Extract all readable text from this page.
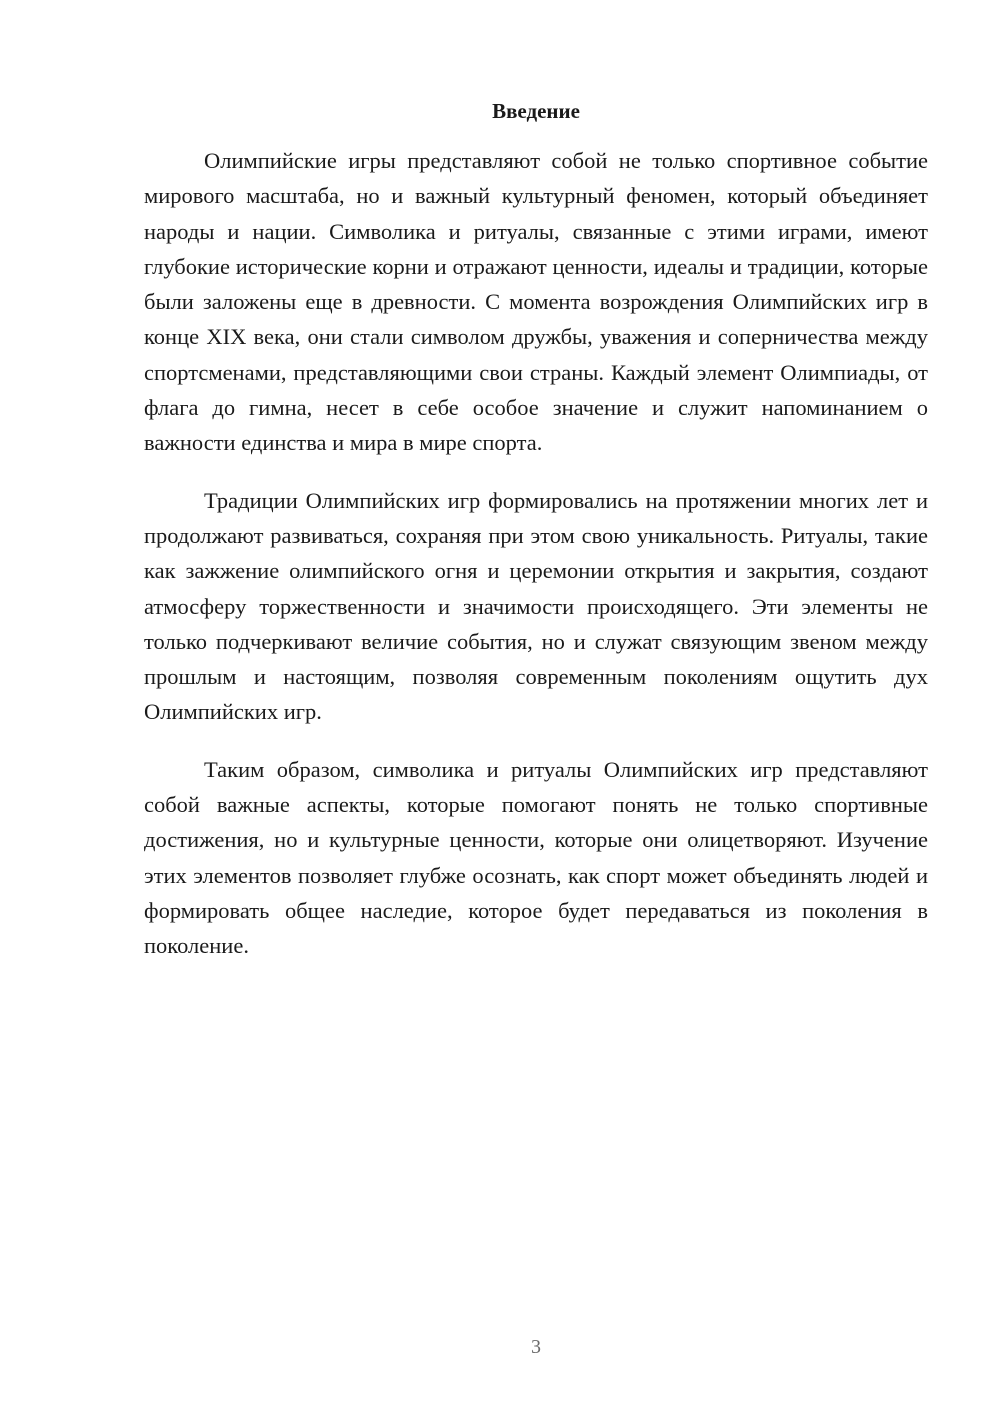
Введение

Олимпийские игры представляют собой не только спортивное событие мирового масштаба, но и важный культурный феномен, который объединяет народы и нации. Символика и ритуалы, связанные с этими играми, имеют глубокие исторические корни и отражают ценности, идеалы и традиции, которые были заложены еще в древности. С момента возрождения Олимпийских игр в конце XIX века, они стали символом дружбы, уважения и соперничества между спортсменами, представляющими свои страны. Каждый элемент Олимпиады, от флага до гимна, несет в себе особое значение и служит напоминанием о важности единства и мира в мире спорта.

Традиции Олимпийских игр формировались на протяжении многих лет и продолжают развиваться, сохраняя при этом свою уникальность. Ритуалы, такие как зажжение олимпийского огня и церемонии открытия и закрытия, создают атмосферу торжественности и значимости происходящего. Эти элементы не только подчеркивают величие события, но и служат связующим звеном между прошлым и настоящим, позволяя современным поколениям ощутить дух Олимпийских игр.

Таким образом, символика и ритуалы Олимпийских игр представляют собой важные аспекты, которые помогают понять не только спортивные достижения, но и культурные ценности, которые они олицетворяют. Изучение этих элементов позволяет глубже осознать, как спорт может объединять людей и формировать общее наследие, которое будет передаваться из поколения в поколение.

3
